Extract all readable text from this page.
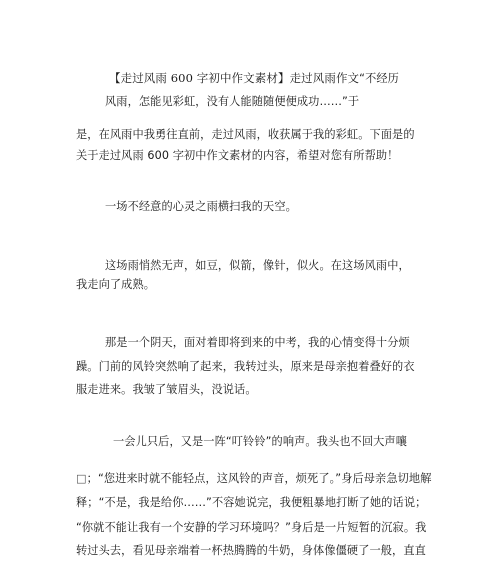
【走过风雨 600 字初中作文素材】走过风雨作文“不经历

风雨，怎能见彩虹，没有人能随随便便成功……”于

是，在风雨中我勇往直前，走过风雨，收获属于我的彩虹。下面是的

关于走过风雨 600 字初中作文素材的内容，希望对您有所帮助！

一场不经意的心灵之雨横扫我的天空。

这场雨悄然无声，如豆，似箭，像针，似火。在这场风雨中，

我走向了成熟。

那是一个阴天，面对着即将到来的中考，我的心情变得十分烦

躁。门前的风铃突然响了起来，我转过头，原来是母亲抱着叠好的衣

服走进来。我皱了皱眉头，没说话。

一会儿只后，又是一阵“叮铃铃”的响声。我头也不回大声嚷

□；“您进来时就不能轻点，这风铃的声音，烦死了。”身后母亲急切地解

释；“不是，我是给你……”不容她说完，我便粗暴地打断了她的话说；

“你就不能让我有一个安静的学习环境吗？”身后是一片短暂的沉寂。我

转过头去，看见母亲端着一杯热腾腾的牛奶，身体像僵硬了一般，直直
